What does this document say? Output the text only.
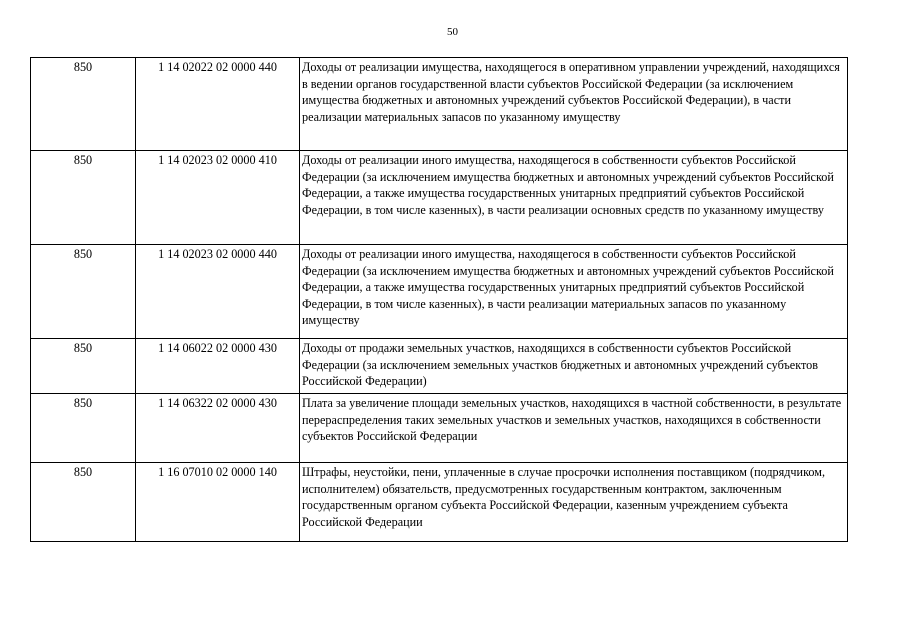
50
850	1 14 02022 02 0000 440	Доходы от реализации имущества, находящегося в оперативном управлении учреждений, находящихся в ведении органов государственной власти субъектов Российской Федерации (за исключением имущества бюджетных и автономных учреждений субъектов Российской Федерации), в части реализации материальных запасов по указанному имуществу
850	1 14 02023 02 0000 410	Доходы от реализации иного имущества, находящегося в собственности субъектов Российской Федерации (за исключением имущества бюджетных и автономных учреждений субъектов Российской Федерации, а также имущества государственных унитарных предприятий субъектов Российской Федерации, в том числе казенных), в части реализации основных средств по указанному имуществу
850	1 14 02023 02 0000 440	Доходы от реализации иного имущества, находящегося в собственности субъектов Российской Федерации (за исключением имущества бюджетных и автономных учреждений субъектов Российской Федерации, а также имущества государственных унитарных предприятий субъектов Российской Федерации, в том числе казенных), в части реализации материальных запасов по указанному имуществу
850	1 14 06022 02 0000 430	Доходы от продажи земельных участков, находящихся в собственности субъектов Российской Федерации (за исключением земельных участков бюджетных и автономных учреждений субъектов Российской Федерации)
850	1 14 06322 02 0000 430	Плата за увеличение площади земельных участков, находящихся в частной собственности, в результате перераспределения таких земельных участков и земельных участков, находящихся в собственности субъектов Российской Федерации
850	1 16 07010 02 0000 140	Штрафы, неустойки, пени, уплаченные в случае просрочки исполнения поставщиком (подрядчиком, исполнителем) обязательств, предусмотренных государственным контрактом, заключенным государственным органом субъекта Российской Федерации, казенным учреждением субъекта Российской Федерации
